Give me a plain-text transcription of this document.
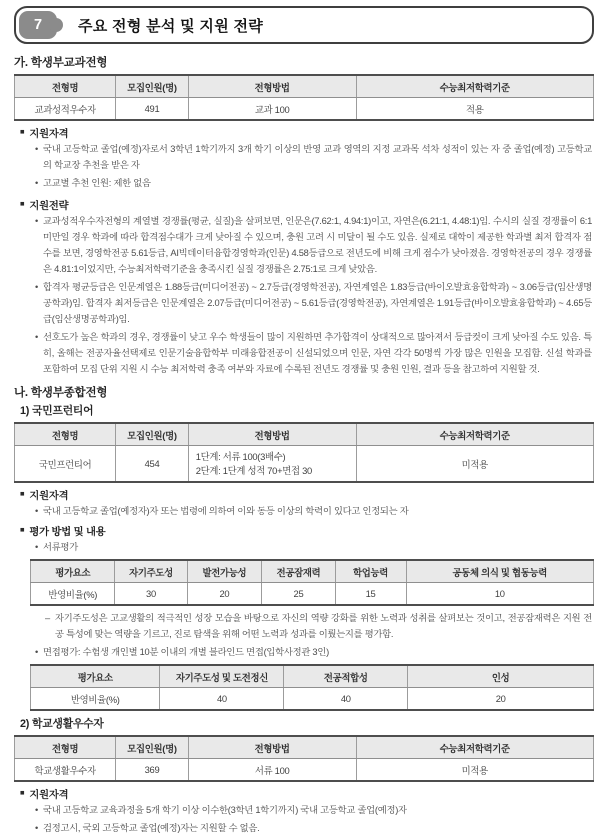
7 주요 전형 분석 및 지원 전략
가. 학생부교과전형
전형명	모집인원(명)	전형방법	수능최저학력기준
교과성적우수자	491	교과 100	적용
■ 지원자격
• 국내 고등학교 졸업(예정)자로서 3학년 1학기까지 3개 학기 이상의 반영 교과 영역의 지정 교과목 석차 성적이 있는 자 중 졸업(예정) 고등학교의 학교장 추천을 받은 자
• 고교별 추천 인원: 제한 없음
■ 지원전략
• 교과성적우수자전형의 계열별 경쟁률(평균, 실질)을 살펴보면, 인문은(7.62:1, 4.94:1)이고, 자연은(6.21:1, 4.48:1)임. 수시의 실질 경쟁률이 6:1 미만일 경우 학과에 따라 합격점수대가 크게 낮아질 수 있으며, 충원 고려 시 미달이 될 수도 있음. 실제로 대학이 제공한 학과별 최저 합격자 점수를 보면, 경영학전공 5.61등급, AI빅데이터융합경영학과(인문) 4.58등급으로 전년도에 비해 크게 점수가 낮아졌음. 경영학전공의 경우 경쟁률은 4.81:1이었지만, 수능최저학력기준을 충족시킨 실질 경쟁률은 2.75:1로 크게 낮았음.
• 합격자 평균등급은 인문계열은 1.88등급(미디어전공) ~ 2.7등급(경영학전공), 자연계열은 1.83등급(바이오발효융합학과) ~ 3.06등급(임산생명공학과)임. 합격자 최저등급은 인문계열은 2.07등급(미디어전공) ~ 5.61등급(경영학전공), 자연계열은 1.91등급(바이오발효융합학과) ~ 4.65등급(임산생명공학과)임.
• 선호도가 높은 학과의 경우, 경쟁률이 낮고 우수 학생들이 많이 지원하면 추가합격이 상대적으로 많아져서 등급컷이 크게 낮아질 수도 있음. 특히, 올해는 전공자율선택제로 인문기술융합학부 미래융합전공이 신설되었으며 인문, 자연 각각 50명씩 가장 많은 인원을 모집함. 신설 학과를 포함하여 모집 단위 지원 시 수능 최저학력 충족 여부와 자료에 수록된 전년도 경쟁률 및 충원 인원, 결과 등을 참고하여 지원할 것.
나. 학생부종합전형
1) 국민프런티어
전형명	모집인원(명)	전형방법	수능최저학력기준
국민프런티어	454	1단계: 서류 100(3배수)
2단계: 1단계 성적 70+면접 30	미적용
■ 지원자격
• 국내 고등학교 졸업(예정자)자 또는 법령에 의하여 이와 동등 이상의 학력이 있다고 인정되는 자
■ 평가 방법 및 내용
• 서류평가
평가요소	자기주도성	발전가능성	전공잠재력	학업능력	공동체 의식 및 협동능력
반영비율(%)	30	20	25	15	10
– 자기주도성은 고교생활의 적극적인 성장 모습을 바탕으로 자신의 역량 강화를 위한 노력과 성취를 살펴보는 것이고, 전공잠재력은 지원 전공 특성에 맞는 역량을 기르고, 진로 탐색을 위해 어떤 노력과 성과를 이뤘는지를 평가함.
• 면접평가: 수험생 개인별 10분 이내의 개별 블라인드 면접(입학사정관 3인)
평가요소	자기주도성 및 도전정신	전공적합성	인성
반영비율(%)	40	40	20
2) 학교생활우수자
전형명	모집인원(명)	전형방법	수능최저학력기준
학교생활우수자	369	서류 100	미적용
■ 지원자격
• 국내 고등학교 교육과정을 5개 학기 이상 이수한(3학년 1학기까지) 국내 고등학교 졸업(예정)자
• 검정고시, 국외 고등학교 졸업(예정)자는 지원할 수 없음.
